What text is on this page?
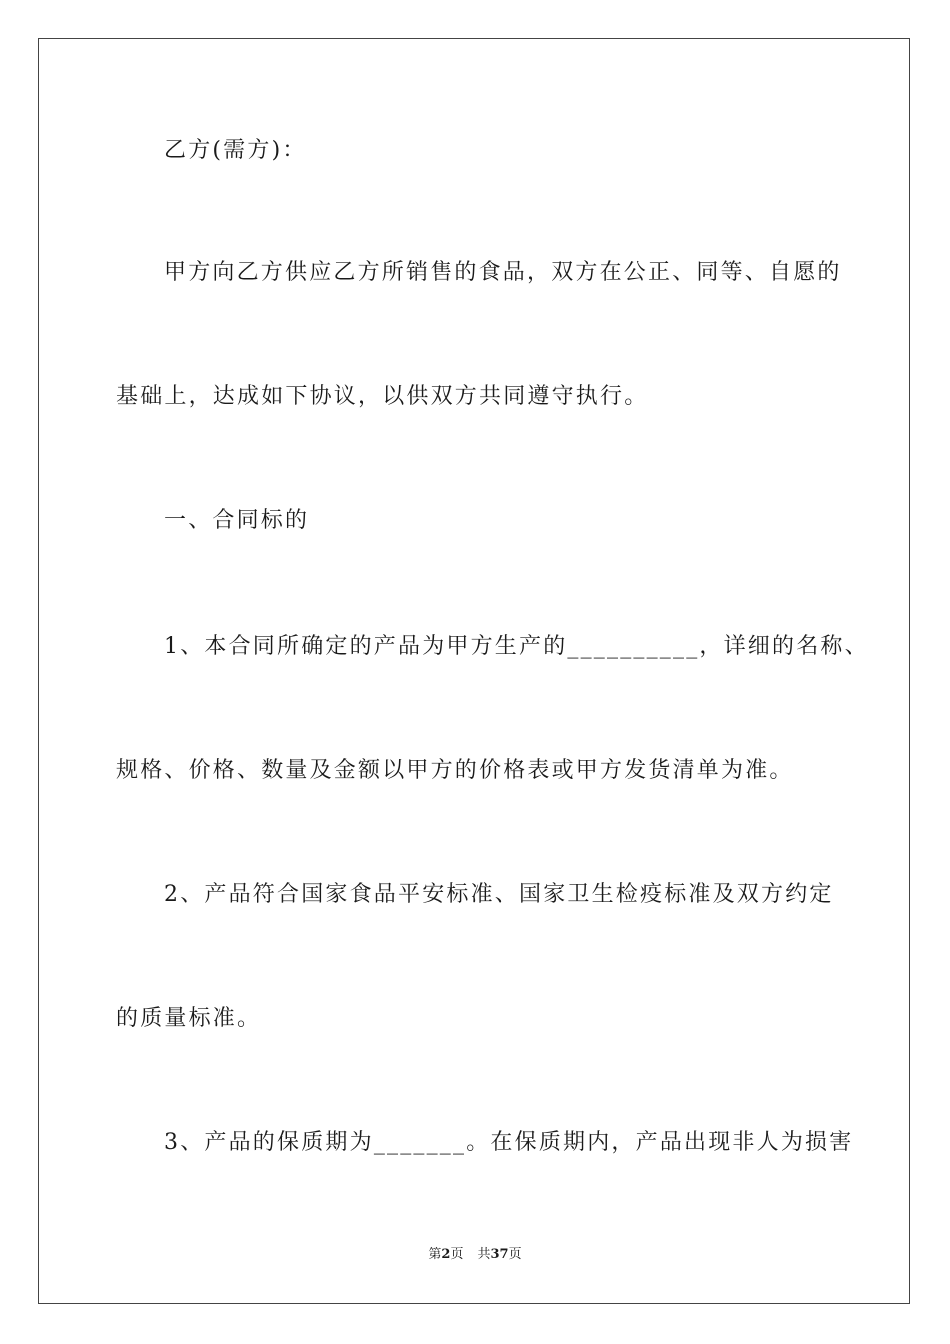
乙方(需方)：
甲方向乙方供应乙方所销售的食品，双方在公正、同等、自愿的
基础上，达成如下协议，以供双方共同遵守执行。
一、合同标的
1、本合同所确定的产品为甲方生产的__________，详细的名称、
规格、价格、数量及金额以甲方的价格表或甲方发货清单为准。
2、产品符合国家食品平安标准、国家卫生检疫标准及双方约定
的质量标准。
3、产品的保质期为_______。在保质期内，产品出现非人为损害
第2页 共37页
